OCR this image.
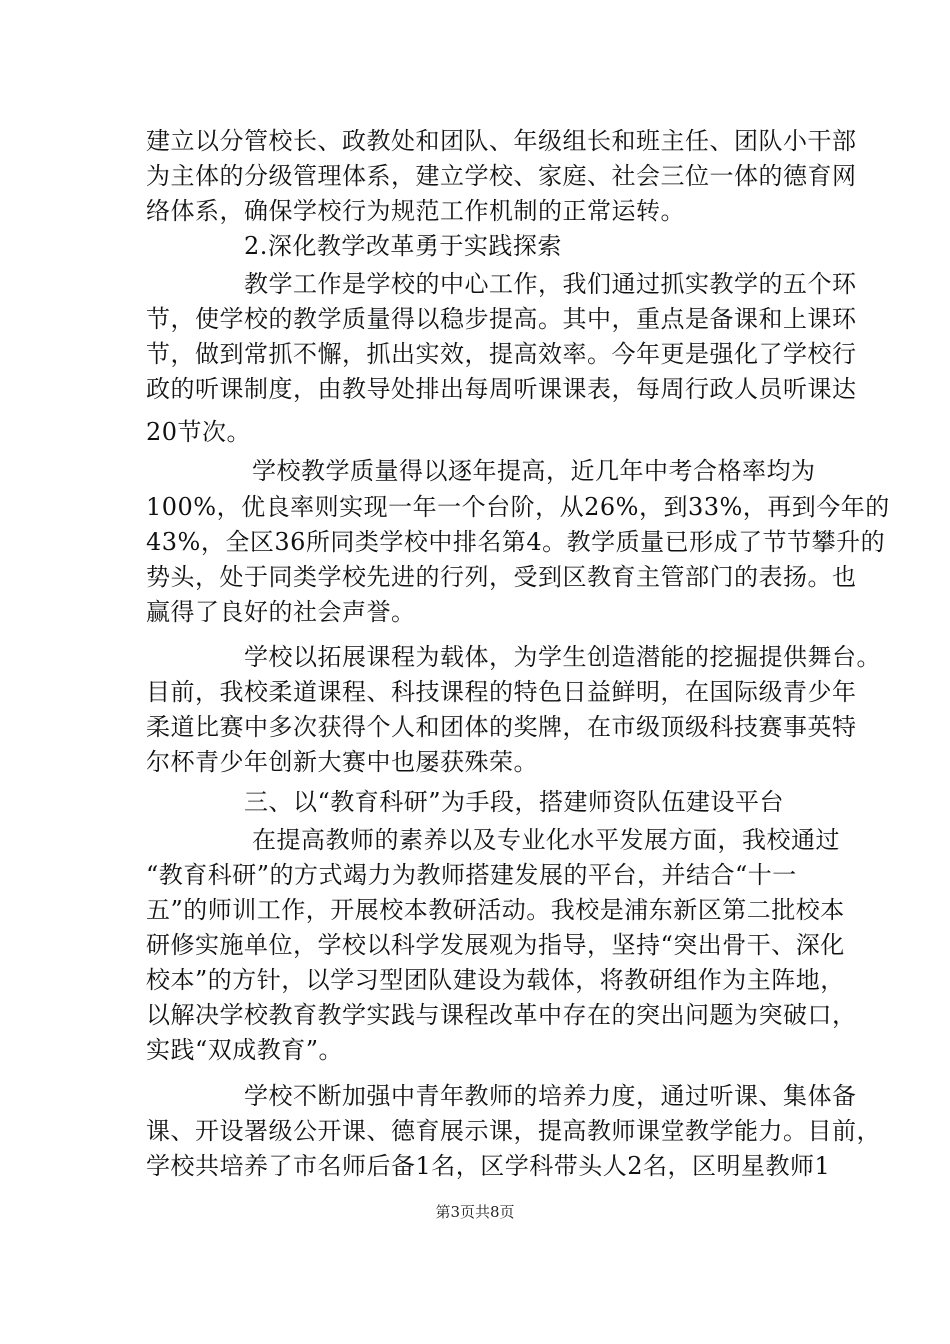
建立以分管校长、政教处和团队、年级组长和班主任、团队小干部
为主体的分级管理体系，建立学校、家庭、社会三位一体的德育网
络体系，确保学校行为规范工作机制的正常运转。
2.深化教学改革勇于实践探索
教学工作是学校的中心工作，我们通过抓实教学的五个环
节，使学校的教学质量得以稳步提高。其中，重点是备课和上课环
节，做到常抓不懈，抓出实效，提高效率。今年更是强化了学校行
政的听课制度，由教导处排出每周听课课表，每周行政人员听课达
20节次。
学校教学质量得以逐年提高，近几年中考合格率均为
100%，优良率则实现一年一个台阶，从26%，到33%，再到今年的
43%，全区36所同类学校中排名第4。教学质量已形成了节节攀升的
势头，处于同类学校先进的行列，受到区教育主管部门的表扬。也
赢得了良好的社会声誉。
学校以拓展课程为载体，为学生创造潜能的挖掘提供舞台。
目前，我校柔道课程、科技课程的特色日益鲜明，在国际级青少年
柔道比赛中多次获得个人和团体的奖牌，在市级顶级科技赛事英特
尔杯青少年创新大赛中也屡获殊荣。
三、以“教育科研”为手段，搭建师资队伍建设平台
在提高教师的素养以及专业化水平发展方面，我校通过
“教育科研”的方式竭力为教师搭建发展的平台，并结合“十一
五”的师训工作，开展校本教研活动。我校是浦东新区第二批校本
研修实施单位，学校以科学发展观为指导，坚持“突出骨干、深化
校本”的方针，以学习型团队建设为载体，将教研组作为主阵地，
以解决学校教育教学实践与课程改革中存在的突出问题为突破口，
实践“双成教育”。
学校不断加强中青年教师的培养力度，通过听课、集体备
课、开设署级公开课、德育展示课，提高教师课堂教学能力。目前，
学校共培养了市名师后备1名，区学科带头人2名，区明星教师1
第3页共8页
